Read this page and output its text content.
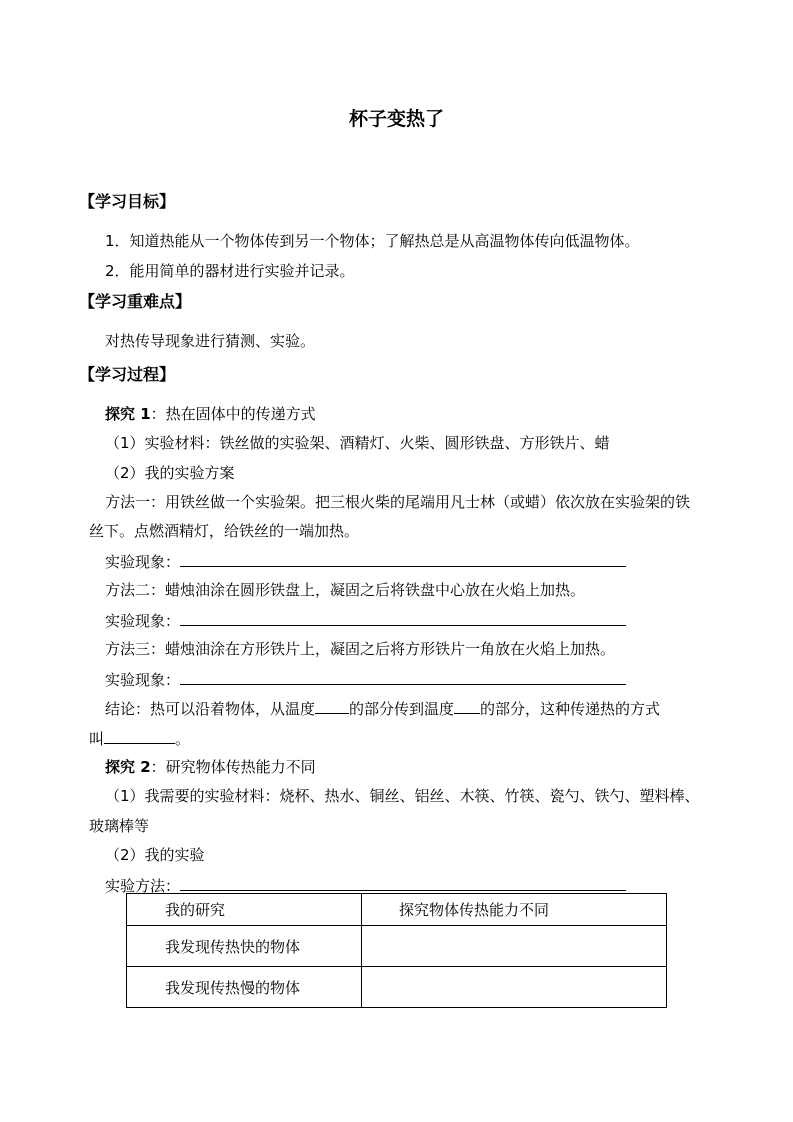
杯子变热了
【学习目标】
1．知道热能从一个物体传到另一个物体；了解热总是从高温物体传向低温物体。
2．能用简单的器材进行实验并记录。
【学习重难点】
对热传导现象进行猜测、实验。
【学习过程】
探究 1：热在固体中的传递方式
（1）实验材料：铁丝做的实验架、酒精灯、火柴、圆形铁盘、方形铁片、蜡
（2）我的实验方案
方法一：用铁丝做一个实验架。把三根火柴的尾端用凡士林（或蜡）依次放在实验架的铁
丝下。点燃酒精灯，给铁丝的一端加热。
实验现象：
方法二：蜡烛油涂在圆形铁盘上，凝固之后将铁盘中心放在火焰上加热。
实验现象：
方法三：蜡烛油涂在方形铁片上，凝固之后将方形铁片一角放在火焰上加热。
实验现象：
结论：热可以沿着物体，从温度 的部分传到温度 的部分，这种传递热的方式
叫	。
探究 2：研究物体传热能力不同
（1）我需要的实验材料：烧杯、热水、铜丝、铝丝、木筷、竹筷、瓷勺、铁勺、塑料棒、
玻璃棒等
（2）我的实验
实验方法：
我的研究	探究物体传热能力不同
我发现传热快的物体	
我发现传热慢的物体	
